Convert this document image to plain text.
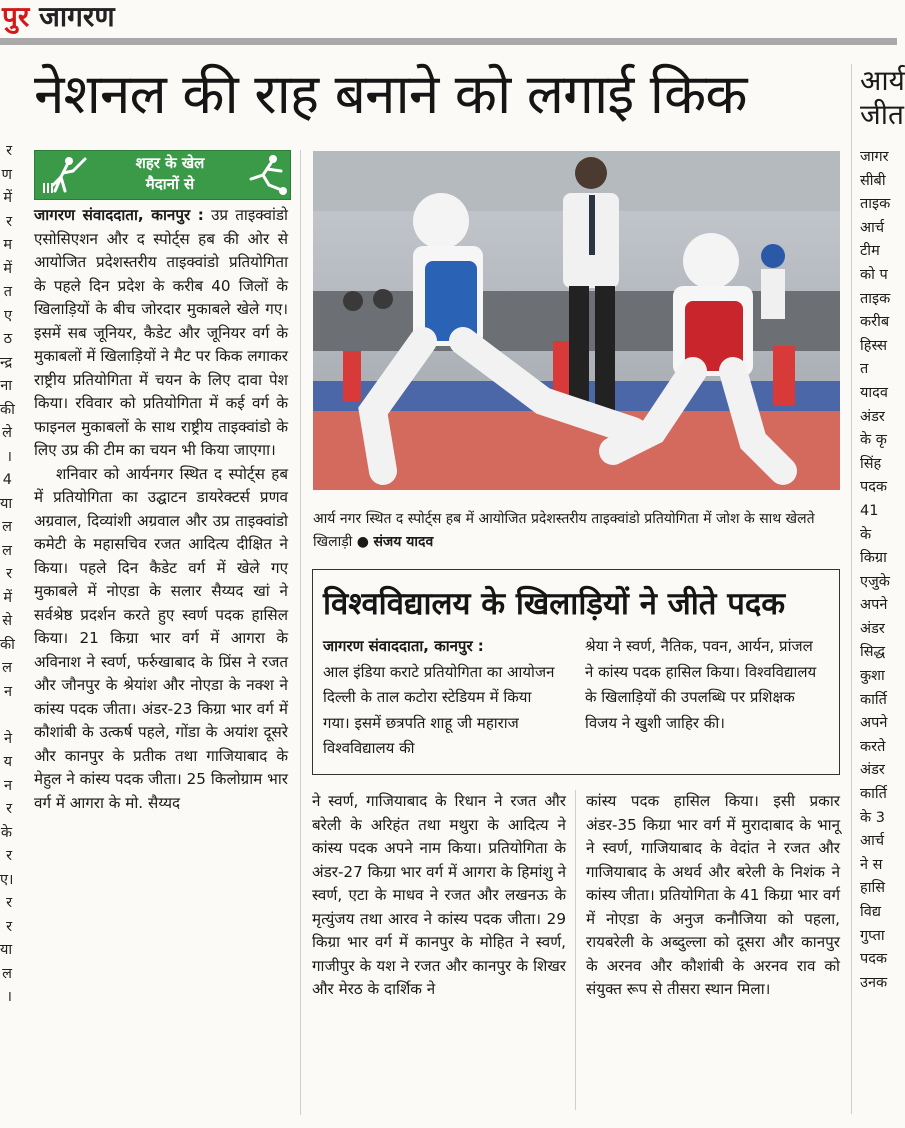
पुर जागरण
र
ण
में
र
म
में
त
ए
ठ
न्द्र
ना
की
ले
।
4
या
ल
ल
र
में
से
की
ल
न

ने
य
न
र
के
र
ए।
र
र
या
ल
।
नेशनल की राह बनाने को लगाई किक
शहर के खेल
मैदानों से

जागरण संवाददाता, कानपुर : उप्र ताइक्वांडो एसोसिएशन और द स्पोर्ट्स हब की ओर से आयोजित प्रदेशस्तरीय ताइक्वांडो प्रतियोगिता के पहले दिन प्रदेश के करीब 40 जिलों के खिलाड़ियों के बीच जोरदार मुकाबले खेले गए। इसमें सब जूनियर, कैडेट और जूनियर वर्ग के मुकाबलों में खिलाड़ियों ने मैट पर किक लगाकर राष्ट्रीय प्रतियोगिता में चयन के लिए दावा पेश किया। रविवार को प्रतियोगिता में कई वर्ग के फाइनल मुकाबलों के साथ राष्ट्रीय ताइक्वांडो के लिए उप्र की टीम का चयन भी किया जाएगा।

शनिवार को आर्यनगर स्थित द स्पोर्ट्स हब में प्रतियोगिता का उद्घाटन डायरेक्टर्स प्रणव अग्रवाल, दिव्यांशी अग्रवाल और उप्र ताइक्वांडो कमेटी के महासचिव रजत आदित्य दीक्षित ने किया। पहले दिन कैडेट वर्ग में खेले गए मुकाबले में नोएडा के सलार सैय्यद खां ने सर्वश्रेष्ठ प्रदर्शन करते हुए स्वर्ण पदक हासिल किया। 21 किग्रा भार वर्ग में आगरा के अविनाश ने स्वर्ण, फर्रुखाबाद के प्रिंस ने रजत और जौनपुर के श्रेयांश और नोएडा के नक्श ने कांस्य पदक जीता। अंडर-23 किग्रा भार वर्ग में कौशांबी के उत्कर्ष पहले, गोंडा के अयांश दूसरे और कानपुर के प्रतीक तथा गाजियाबाद के मेहुल ने कांस्य पदक जीता। 25 किलोग्राम भार वर्ग में आगरा के मो. सैय्यद

आर्य नगर स्थित द स्पोर्ट्स हब में आयोजित प्रदेशस्तरीय ताइक्वांडो प्रतियोगिता में जोश के साथ खेलते खिलाड़ी ● संजय यादव
विश्वविद्यालय के खिलाड़ियों ने जीते पदक
जागरण संवाददाता, कानपुर :
आल इंडिया कराटे प्रतियोगिता का आयोजन दिल्ली के ताल कटोरा स्टेडियम में किया गया। इसमें छत्रपति शाहू जी महाराज विश्वविद्यालय की
श्रेया ने स्वर्ण, नैतिक, पवन, आर्यन, प्रांजल ने कांस्य पदक हासिल किया। विश्वविद्यालय के खिलाड़ियों की उपलब्धि पर प्रशिक्षक विजय ने खुशी जाहिर की।

ने स्वर्ण, गाजियाबाद के रिधान ने रजत और बरेली के अरिहंत तथा मथुरा के आदित्य ने कांस्य पदक अपने नाम किया। प्रतियोगिता के अंडर-27 किग्रा भार वर्ग में आगरा के हिमांशु ने स्वर्ण, एटा के माधव ने रजत और लखनऊ के मृत्युंजय तथा आरव ने कांस्य पदक जीता। 29 किग्रा भार वर्ग में कानपुर के मोहित ने स्वर्ण, गाजीपुर के यश ने रजत और कानपुर के शिखर और मेरठ के दार्शिक ने

कांस्य पदक हासिल किया। इसी प्रकार अंडर-35 किग्रा भार वर्ग में मुरादाबाद के भानू ने स्वर्ण, गाजियाबाद के वेदांत ने रजत और गाजियाबाद के अथर्व और बरेली के निशंक ने कांस्य जीता। प्रतियोगिता के 41 किग्रा भार वर्ग में नोएडा के अनुज कनौजिया को पहला, रायबरेली के अब्दुल्ला को दूसरा और कानपुर के अरनव और कौशांबी के अरनव राव को संयुक्त रूप से तीसरा स्थान मिला।

आर्य
जीत
जागर
सीबी
ताइक
आर्च
टीम
को प
ताइक
करीब
हिस्स
त
यादव
अंडर
के कृ
सिंह
पदक
41
के
किग्रा
एजुके
अपने
अंडर
सिद्ध
कुशा
कार्ति
अपने
करते
अंडर
कार्ति
के 3
आर्च
ने स
हासि
विद्य
गुप्ता
पदक
उनक
